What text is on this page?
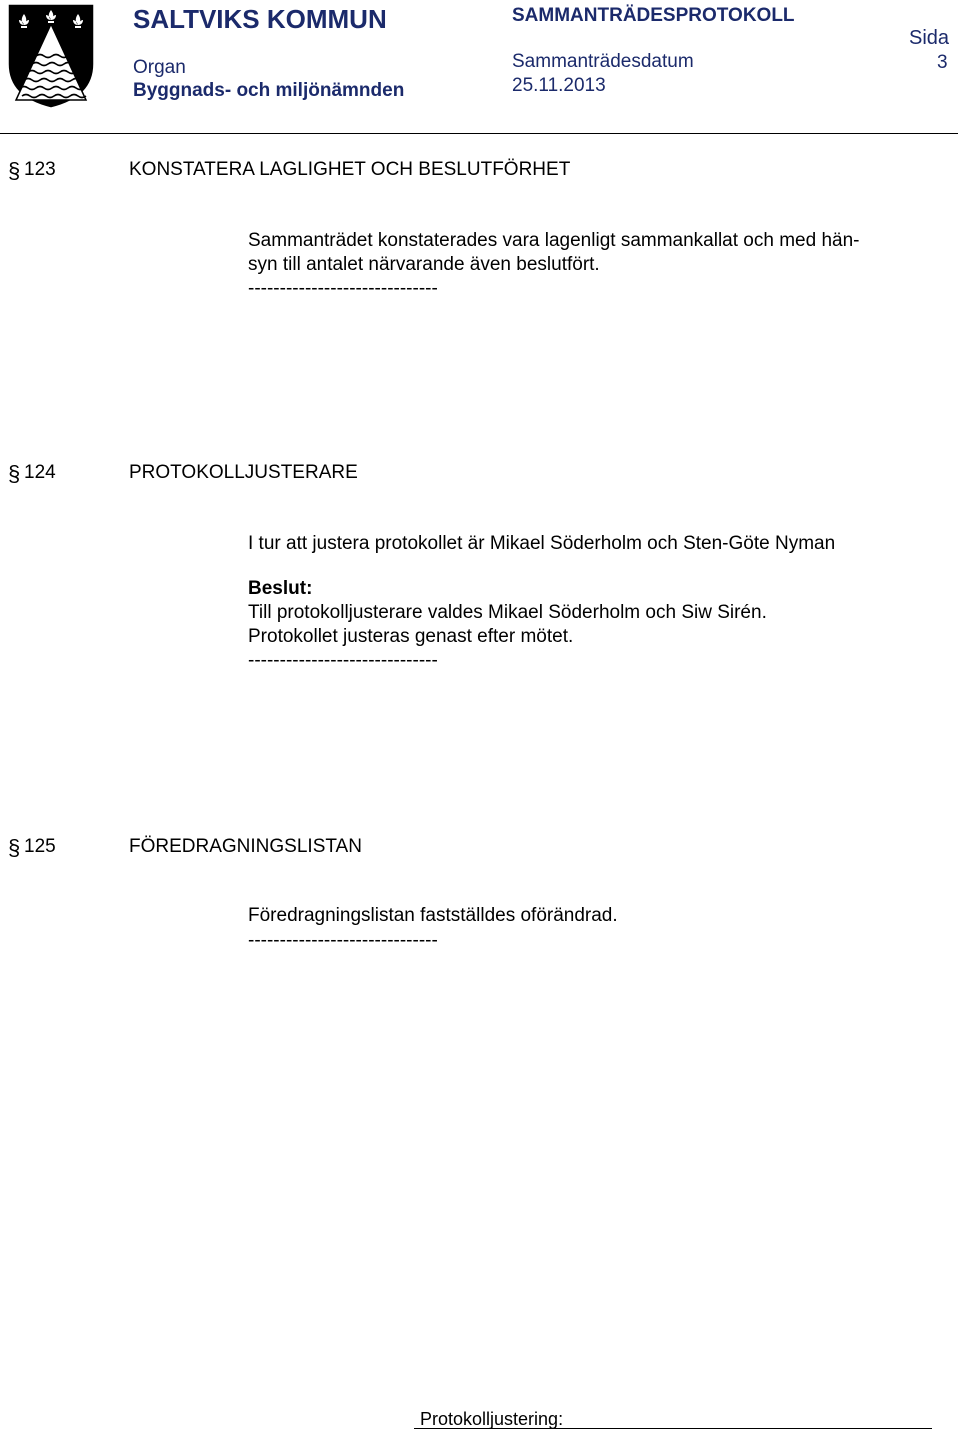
SALTVIKS KOMMUN	SAMMANTRÄDESPROTOKOLL
Sida
3
Organ
Byggnads- och miljönämnden
Sammanträdesdatum
25.11.2013
§ 123	KONSTATERA LAGLIGHET OCH BESLUTFÖRHET
Sammanträdet konstaterades vara lagenligt sammankallat och med hän-
syn till antalet närvarande även beslutfört.
------------------------------
§ 124	PROTOKOLLJUSTERARE
I tur att justera protokollet är Mikael Söderholm och Sten-Göte Nyman
Beslut:
Till protokolljusterare valdes Mikael Söderholm och Siw Sirén.
Protokollet justeras genast efter mötet.
------------------------------
§ 125	FÖREDRAGNINGSLISTAN
Föredragningslistan fastställdes oförändrad.
------------------------------
Protokolljustering:
